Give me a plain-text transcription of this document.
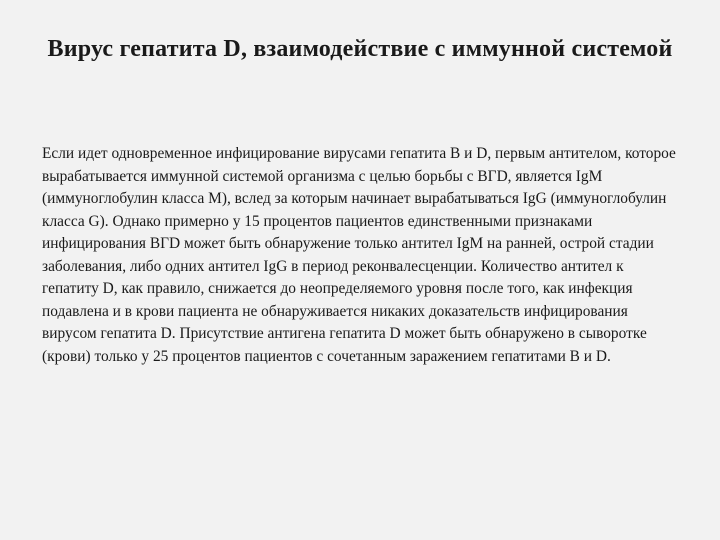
Вирус гепатита D, взаимодействие с иммунной системой
Если идет одновременное инфицирование вирусами гепатита В и D, первым антителом, которое вырабатывается иммунной системой организма с целью борьбы с ВГD, является IgM (иммуноглобулин класса М), вслед за которым начинает вырабатываться IgG (иммуноглобулин класса G). Однако примерно у 15 процентов пациентов единственными признаками инфицирования ВГD может быть обнаружение только антител IgM на ранней, острой стадии заболевания, либо одних антител IgG в период реконвалесценции. Количество антител к гепатиту D, как правило, снижается до неопределяемого уровня после того, как инфекция подавлена и в крови пациента не обнаруживается никаких доказательств инфицирования вирусом гепатита D. Присутствие антигена гепатита D может быть обнаружено в сыворотке (крови) только у 25 процентов пациентов с сочетанным заражением гепатитами В и D.
